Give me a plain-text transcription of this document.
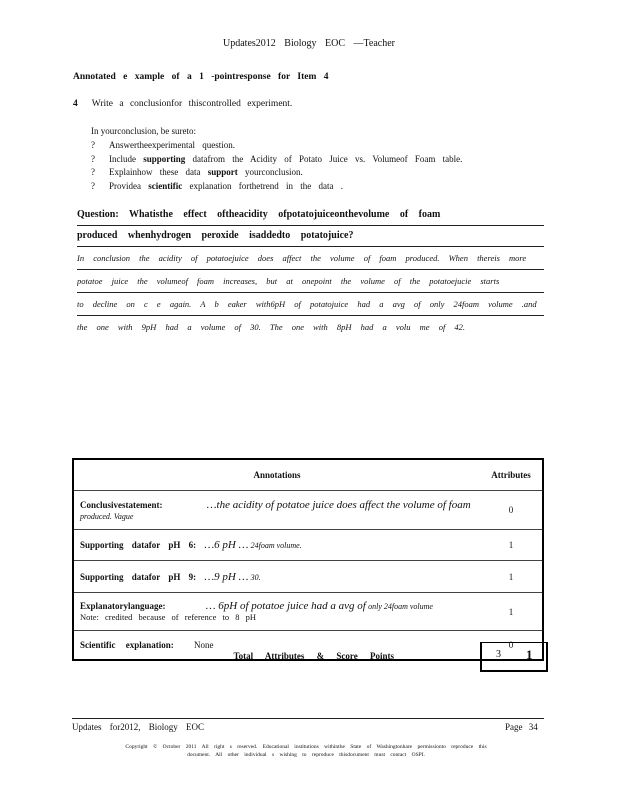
Updates2012 Biology EOC —Teacher
Annotated e xample of a 1 -pointresponse for Item 4
4 Write a conclusionfor thiscontrolled experiment.
In yourconclusion, be sureto:
? Answertheexperimental question.
? Include supporting datafrom the Acidity of Potato Juice vs. Volumeof Foam table.
? Explainhow these data support yourconclusion.
? Providea scientific explanation forthetrend in the data .
Question: Whatisthe effect oftheacidity ofpotatojuiceonthevolume of foam
produced whenhydrogen peroxide isaddedto potatojuice?
In conclusion the acidity of potatoejuice does affect the volume of foam produced. When thereis more
potatoe juice the volumeof foam increases, but at onepoint the volume of the potatoejucie starts
to decline on c e again. A b eaker with6pH of potatojuice had a avg of only 24foam volume .and
the one with 9pH had a volume of 30. The one with 8pH had a volu me of 42.
Annotations	Attributes
Conclusivestatement: …the acidity of potatoe juice does affect the volume of foam
produced. Vague	0
Supporting datafor pH 6: …6 pH … 24foam volume.	1
Supporting datafor pH 9: …9 pH … 30.	1
Explanatorylanguage: … 6pH of potatoe juice had a avg of only 24foam volume
Note: credited because of reference to 8 pH	1
Scientific explanation: None	0
Total Attributes & Score Points	3 1
Updates for2012, Biology EOC	Page 34
Copyright © October 2011 All right s reserved. Educational institutions withinthe State of Washingtonhare permissionto reproduce this
document. All other individual s wishing to reproduce thisdocument must contact OSPI.
